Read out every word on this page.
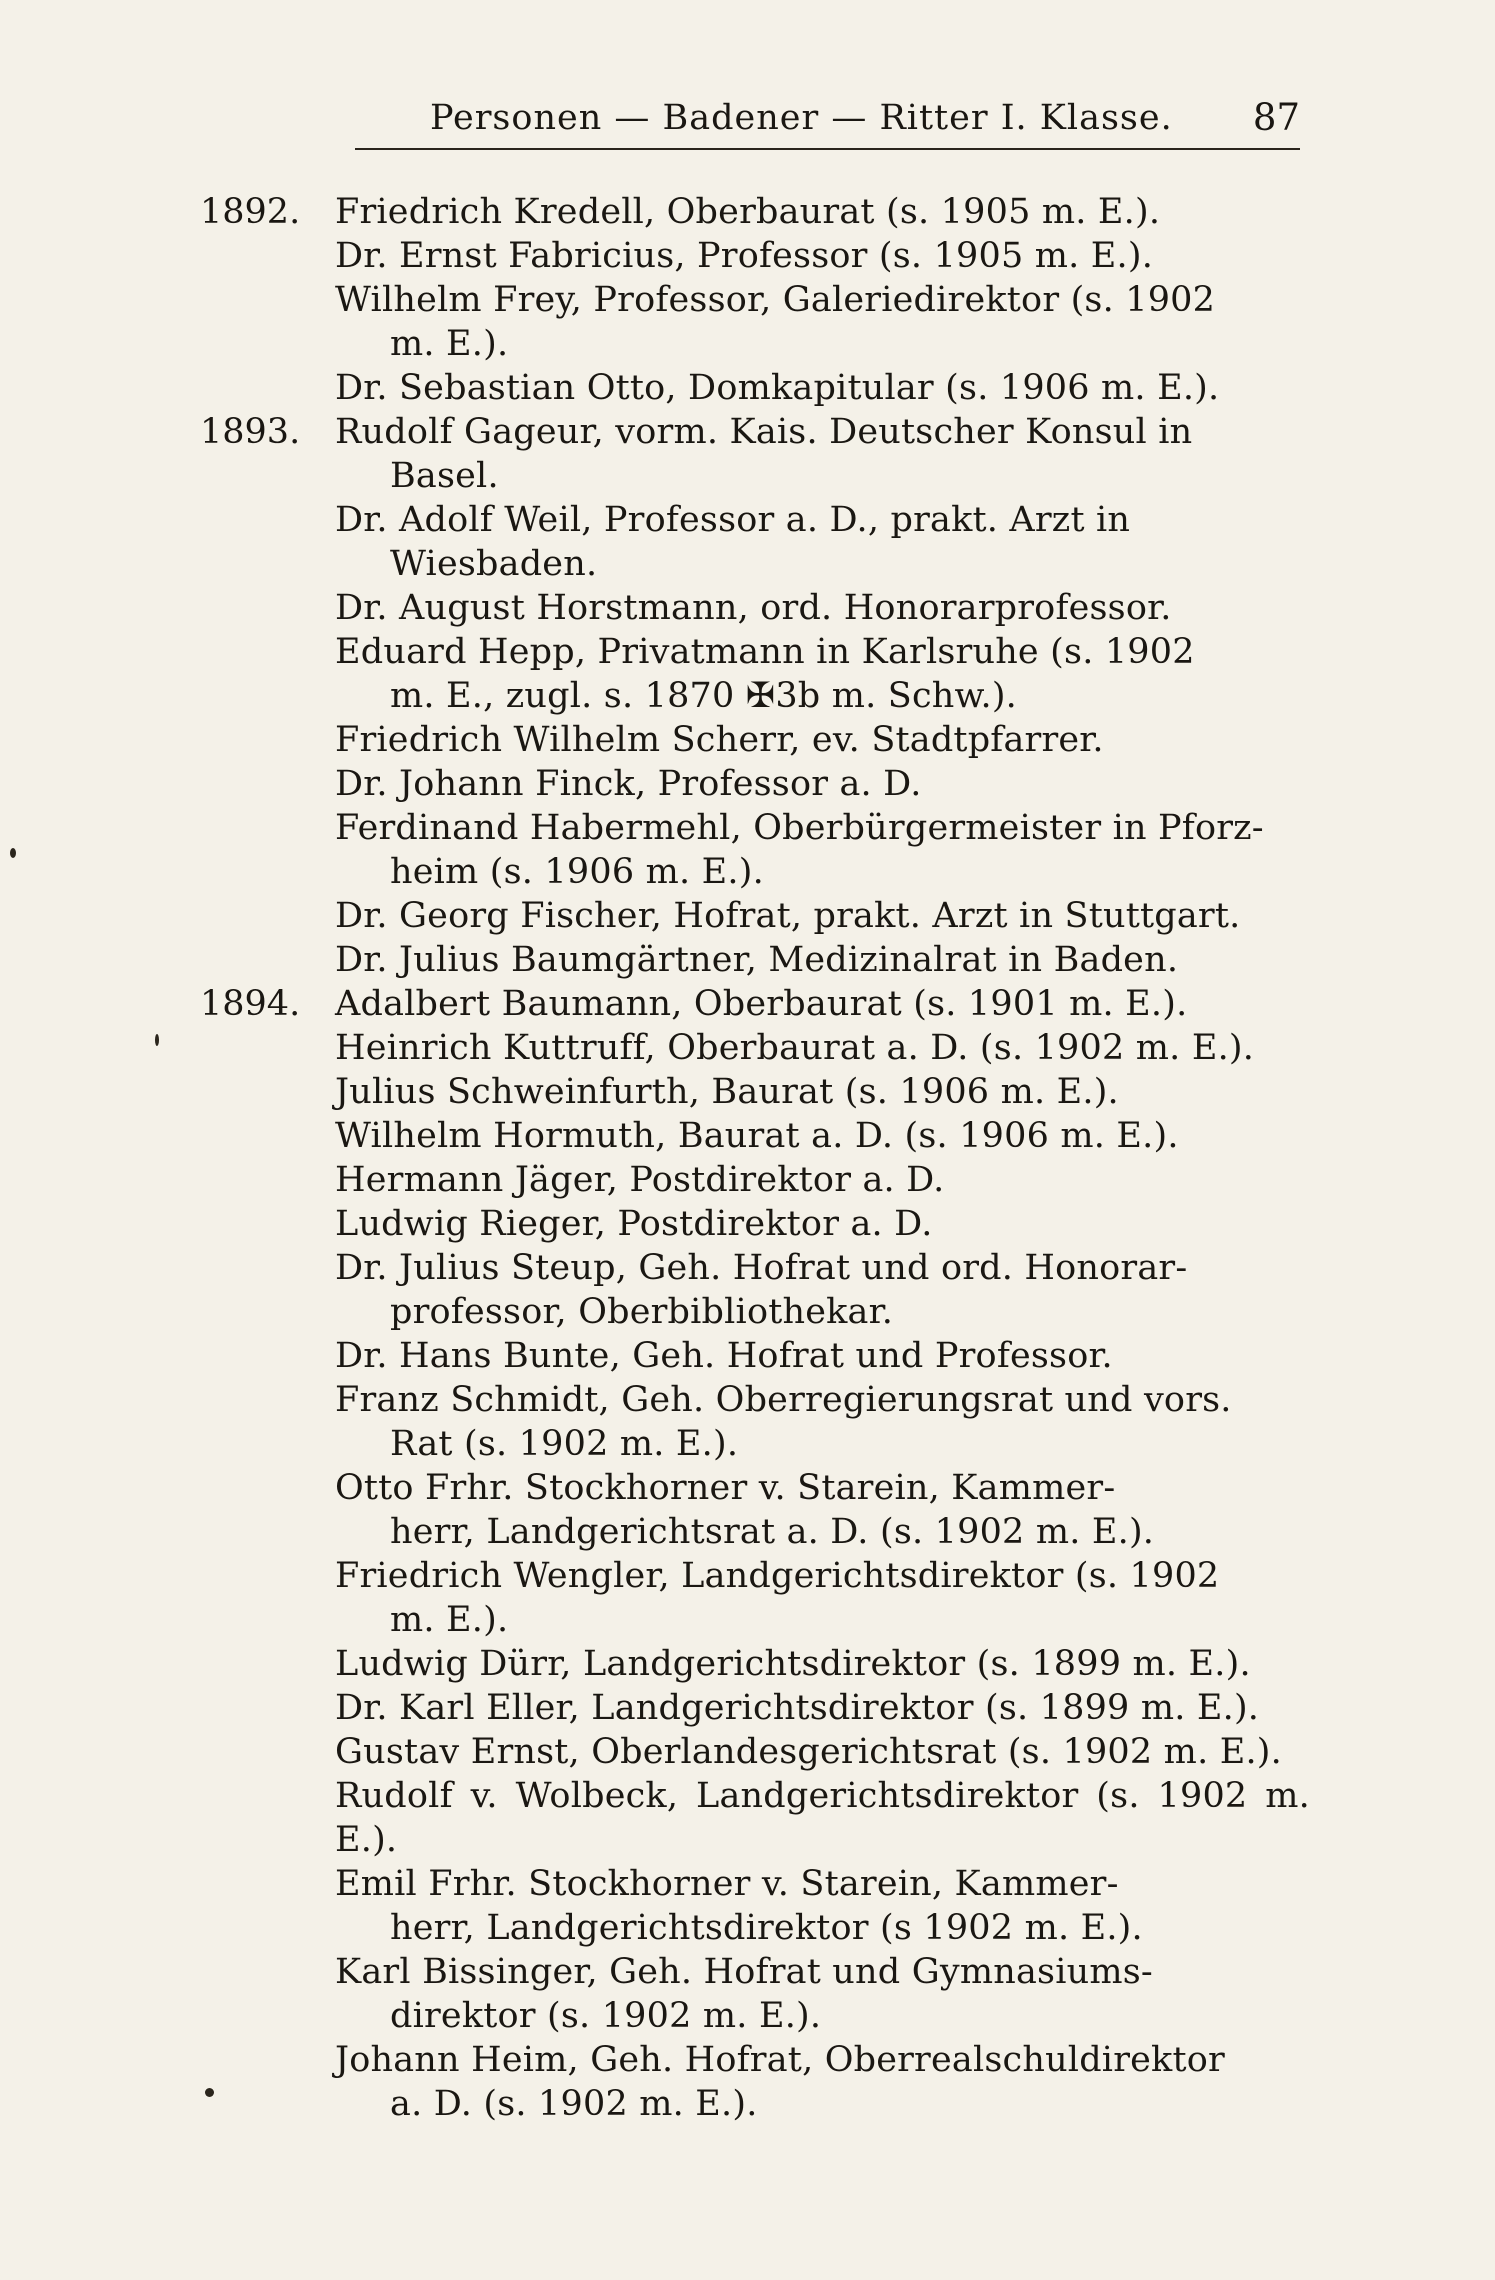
Personen — Badener — Ritter I. Klasse. 87
1892. Friedrich Kredell, Oberbaurat (s. 1905 m. E.).
Dr. Ernst Fabricius, Professor (s. 1905 m. E.).
Wilhelm Frey, Professor, Galeriedirektor (s. 1902
m. E.).
Dr. Sebastian Otto, Domkapitular (s. 1906 m. E.).
1893. Rudolf Gageur, vorm. Kais. Deutscher Konsul in
Basel.
Dr. Adolf Weil, Professor a. D., prakt. Arzt in
Wiesbaden.
Dr. August Horstmann, ord. Honorarprofessor.
Eduard Hepp, Privatmann in Karlsruhe (s. 1902
m. E., zugl. s. 1870 ✠3b m. Schw.).
Friedrich Wilhelm Scherr, ev. Stadtpfarrer.
Dr. Johann Finck, Professor a. D.
Ferdinand Habermehl, Oberbürgermeister in Pforz-
heim (s. 1906 m. E.).
Dr. Georg Fischer, Hofrat, prakt. Arzt in Stuttgart.
Dr. Julius Baumgärtner, Medizinalrat in Baden.
1894. Adalbert Baumann, Oberbaurat (s. 1901 m. E.).
Heinrich Kuttruff, Oberbaurat a. D. (s. 1902 m. E.).
Julius Schweinfurth, Baurat (s. 1906 m. E.).
Wilhelm Hormuth, Baurat a. D. (s. 1906 m. E.).
Hermann Jäger, Postdirektor a. D.
Ludwig Rieger, Postdirektor a. D.
Dr. Julius Steup, Geh. Hofrat und ord. Honorar-
professor, Oberbibliothekar.
Dr. Hans Bunte, Geh. Hofrat und Professor.
Franz Schmidt, Geh. Oberregierungsrat und vors.
Rat (s. 1902 m. E.).
Otto Frhr. Stockhorner v. Starein, Kammer-
herr, Landgerichtsrat a. D. (s. 1902 m. E.).
Friedrich Wengler, Landgerichtsdirektor (s. 1902
m. E.).
Ludwig Dürr, Landgerichtsdirektor (s. 1899 m. E.).
Dr. Karl Eller, Landgerichtsdirektor (s. 1899 m. E.).
Gustav Ernst, Oberlandesgerichtsrat (s. 1902 m. E.).
Rudolf v. Wolbeck, Landgerichtsdirektor (s. 1902 m. E.).
Emil Frhr. Stockhorner v. Starein, Kammer-
herr, Landgerichtsdirektor (s 1902 m. E.).
Karl Bissinger, Geh. Hofrat und Gymnasiums-
direktor (s. 1902 m. E.).
Johann Heim, Geh. Hofrat, Oberrealschuldirektor
a. D. (s. 1902 m. E.).
